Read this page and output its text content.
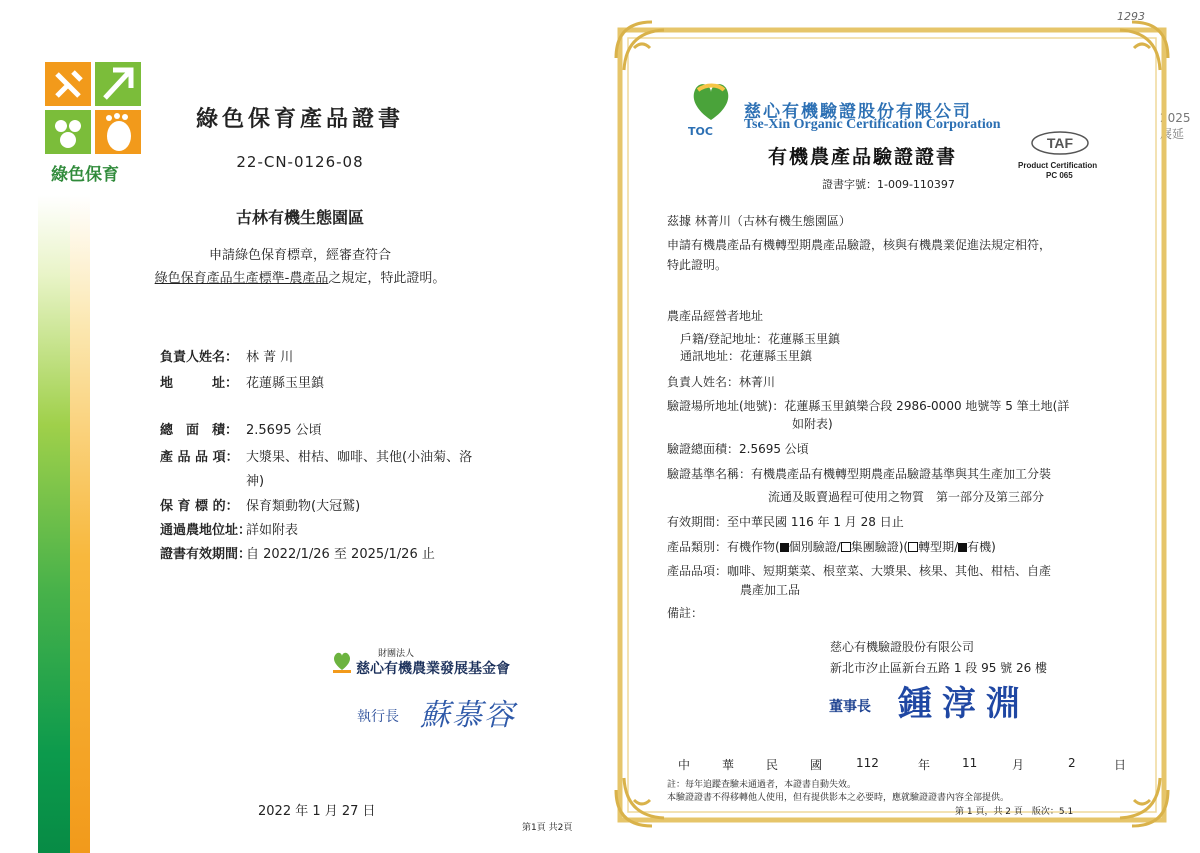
綠色保育
綠色保育產品證書
22-CN-0126-08
古林有機生態園區
申請綠色保育標章，經審查符合
綠色保育產品生產標準-農產品之規定，特此證明。
負責人姓名： 林 菁 川
地　　　址： 花蓮縣玉里鎮
總　面　積： 2.5695 公頃
產 品 品 項： 大漿果、柑桔、咖啡、其他(小油菊、洛
神)
保 育 標 的： 保育類動物(大冠鷲)
通過農地位址：詳如附表
證書有效期間：自 2022/1/26 至 2025/1/26 止
財團法人
慈心有機農業發展基金會
執行長 蘇慕容
2022 年 1 月 27 日
第1頁 共2頁
1293
2025 展延
TOC
慈心有機驗證股份有限公司
Tse-Xin Organic Certification Corporation
有機農產品驗證證書
TAF
Product Certification
PC 065
證書字號：1-009-110397
茲據 林菁川（古林有機生態園區）
申請有機農產品有機轉型期農產品驗證，核與有機農業促進法規定相符，
特此證明。
農產品經營者地址
戶籍/登記地址：花蓮縣玉里鎮
通訊地址：花蓮縣玉里鎮
負責人姓名：林菁川
驗證場所地址(地號)：花蓮縣玉里鎮樂合段 2986-0000 地號等 5 筆土地(詳
如附表)
驗證總面積：2.5695 公頃
驗證基準名稱：有機農產品有機轉型期農產品驗證基準與其生產加工分裝
流通及販賣過程可使用之物質　第一部分及第三部分
有效期間：至中華民國 116 年 1 月 28 日止
產品類別：有機作物( 個別驗證/ 集團驗證)( 轉型期/ 有機)
產品品項：咖啡、短期葉菜、根莖菜、大漿果、核果、其他、柑桔、自產
農產加工品
備註：
慈心有機驗證股份有限公司
新北市汐止區新台五路 1 段 95 號 26 樓
董事長 鍾淳淵
中	華	民	國	112	年	11	月	2	日
註：每年追蹤查驗未通過者，本證書自動失效。
本驗證證書不得移轉他人使用，但有提供影本之必要時，應就驗證證書內容全部提供。
第 1 頁，共 2 頁　版次：5.1
